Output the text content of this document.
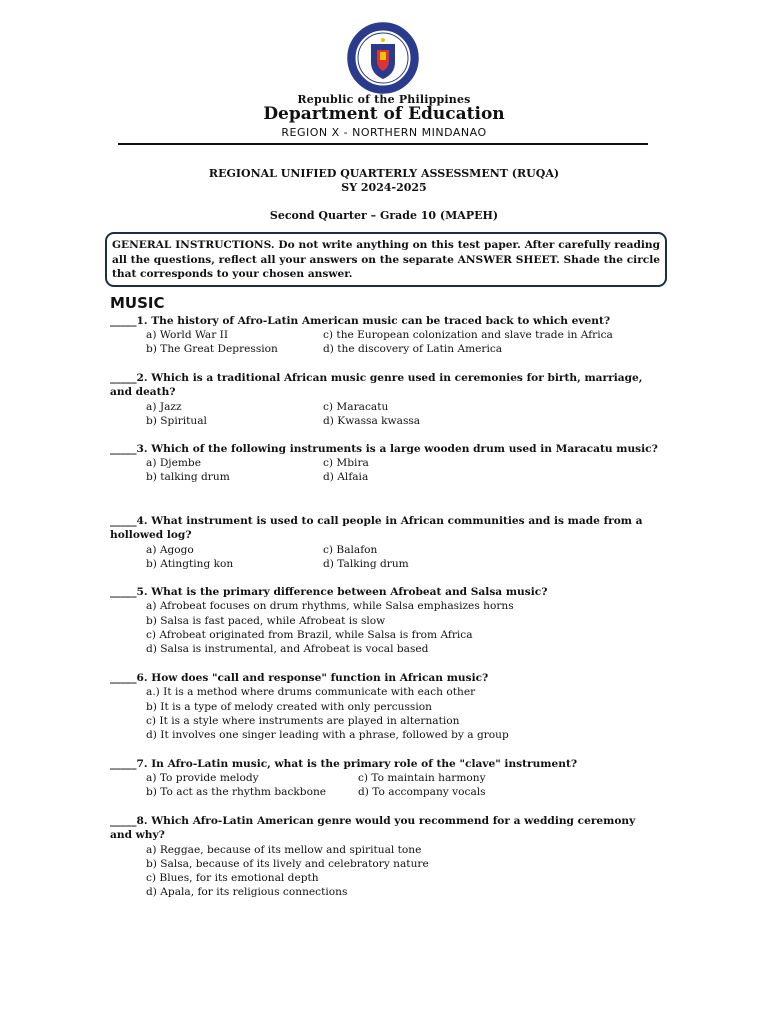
Republic of the Philippines
Department of Education
REGION X - NORTHERN MINDANAO
REGIONAL UNIFIED QUARTERLY ASSESSMENT (RUQA)
SY 2024-2025
Second Quarter – Grade 10 (MAPEH)
GENERAL INSTRUCTIONS. Do not write anything on this test paper. After carefully reading all the questions, reflect all your answers on the separate ANSWER SHEET. Shade the circle that corresponds to your chosen answer.
MUSIC
_____1. The history of Afro-Latin American music can be traced back to which event?
a) World War II	c) the European colonization and slave trade in Africa
b) The Great Depression	d) the discovery of Latin America
_____2. Which is a traditional African music genre used in ceremonies for birth, marriage, and death?
a) Jazz	c) Maracatu
b) Spiritual	d) Kwassa kwassa
_____3. Which of the following instruments is a large wooden drum used in Maracatu music?
a) Djembe	c) Mbira
b) talking drum	d) Alfaia
_____4. What instrument is used to call people in African communities and is made from a hollowed log?
a) Agogo	c) Balafon
b) Atingting kon	d) Talking drum
_____5. What is the primary difference between Afrobeat and Salsa music?
a) Afrobeat focuses on drum rhythms, while Salsa emphasizes horns
b) Salsa is fast paced, while Afrobeat is slow
c) Afrobeat originated from Brazil, while Salsa is from Africa
d) Salsa is instrumental, and Afrobeat is vocal based
_____6. How does "call and response" function in African music?
a.) It is a method where drums communicate with each other
b) It is a type of melody created with only percussion
c) It is a style where instruments are played in alternation
d) It involves one singer leading with a phrase, followed by a group
_____7. In Afro-Latin music, what is the primary role of the "clave" instrument?
a) To provide melody	c) To maintain harmony
b) To act as the rhythm backbone	d) To accompany vocals
_____8. Which Afro-Latin American genre would you recommend for a wedding ceremony and why?
a) Reggae, because of its mellow and spiritual tone
b) Salsa, because of its lively and celebratory nature
c) Blues, for its emotional depth
d) Apala, for its religious connections
